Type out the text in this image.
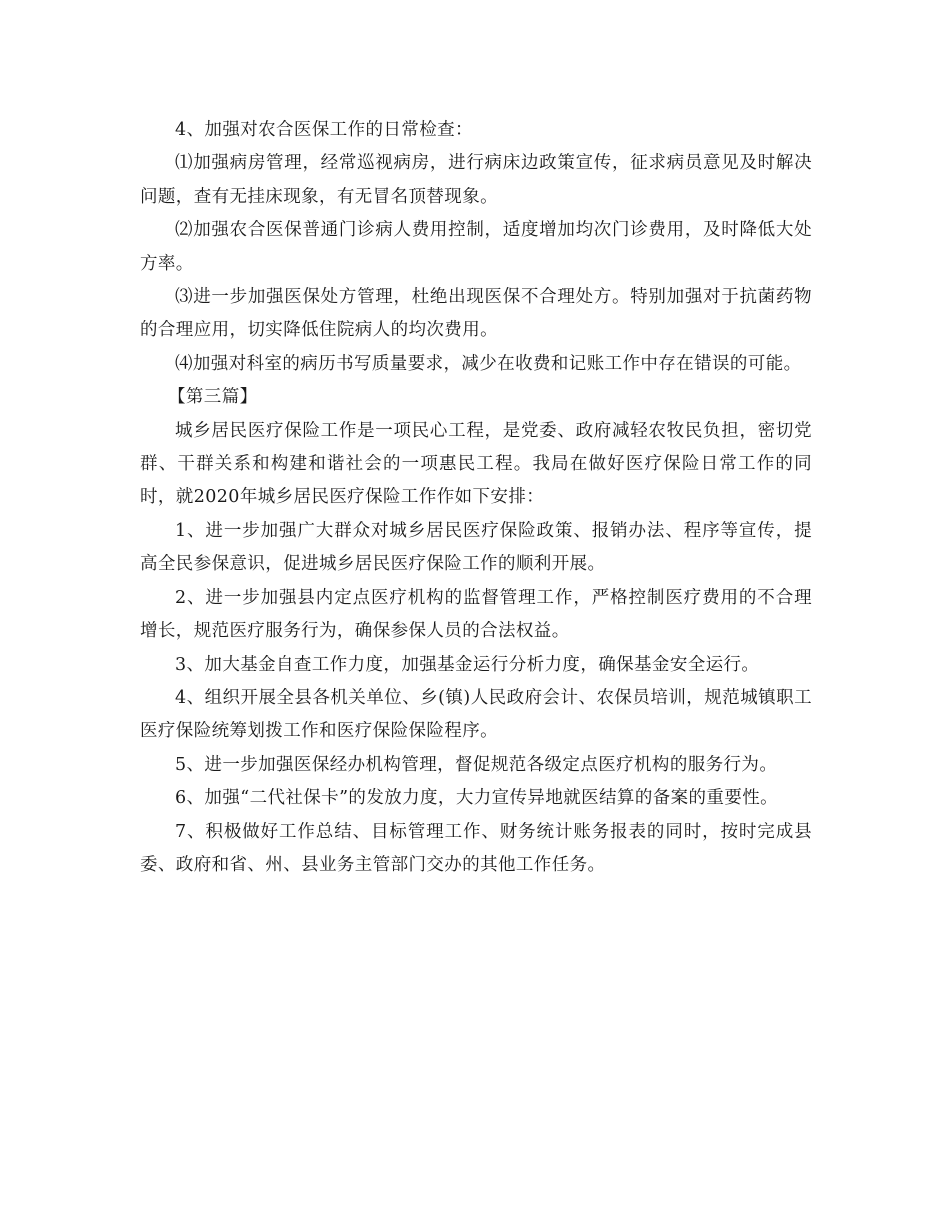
4、加强对农合医保工作的日常检查：

⑴加强病房管理，经常巡视病房，进行病床边政策宣传，征求病员意见及时解决问题，查有无挂床现象，有无冒名顶替现象。

⑵加强农合医保普通门诊病人费用控制，适度增加均次门诊费用，及时降低大处方率。

⑶进一步加强医保处方管理，杜绝出现医保不合理处方。特别加强对于抗菌药物的合理应用，切实降低住院病人的均次费用。

⑷加强对科室的病历书写质量要求，减少在收费和记账工作中存在错误的可能。

【第三篇】

城乡居民医疗保险工作是一项民心工程，是党委、政府减轻农牧民负担，密切党群、干群关系和构建和谐社会的一项惠民工程。我局在做好医疗保险日常工作的同时，就2020年城乡居民医疗保险工作作如下安排：

1、进一步加强广大群众对城乡居民医疗保险政策、报销办法、程序等宣传，提高全民参保意识，促进城乡居民医疗保险工作的顺利开展。

2、进一步加强县内定点医疗机构的监督管理工作，严格控制医疗费用的不合理增长，规范医疗服务行为，确保参保人员的合法权益。

3、加大基金自查工作力度，加强基金运行分析力度，确保基金安全运行。

4、组织开展全县各机关单位、乡(镇)人民政府会计、农保员培训，规范城镇职工医疗保险统筹划拨工作和医疗保险保险程序。

5、进一步加强医保经办机构管理，督促规范各级定点医疗机构的服务行为。

6、加强“二代社保卡”的发放力度，大力宣传异地就医结算的备案的重要性。

7、积极做好工作总结、目标管理工作、财务统计账务报表的同时，按时完成县委、政府和省、州、县业务主管部门交办的其他工作任务。
